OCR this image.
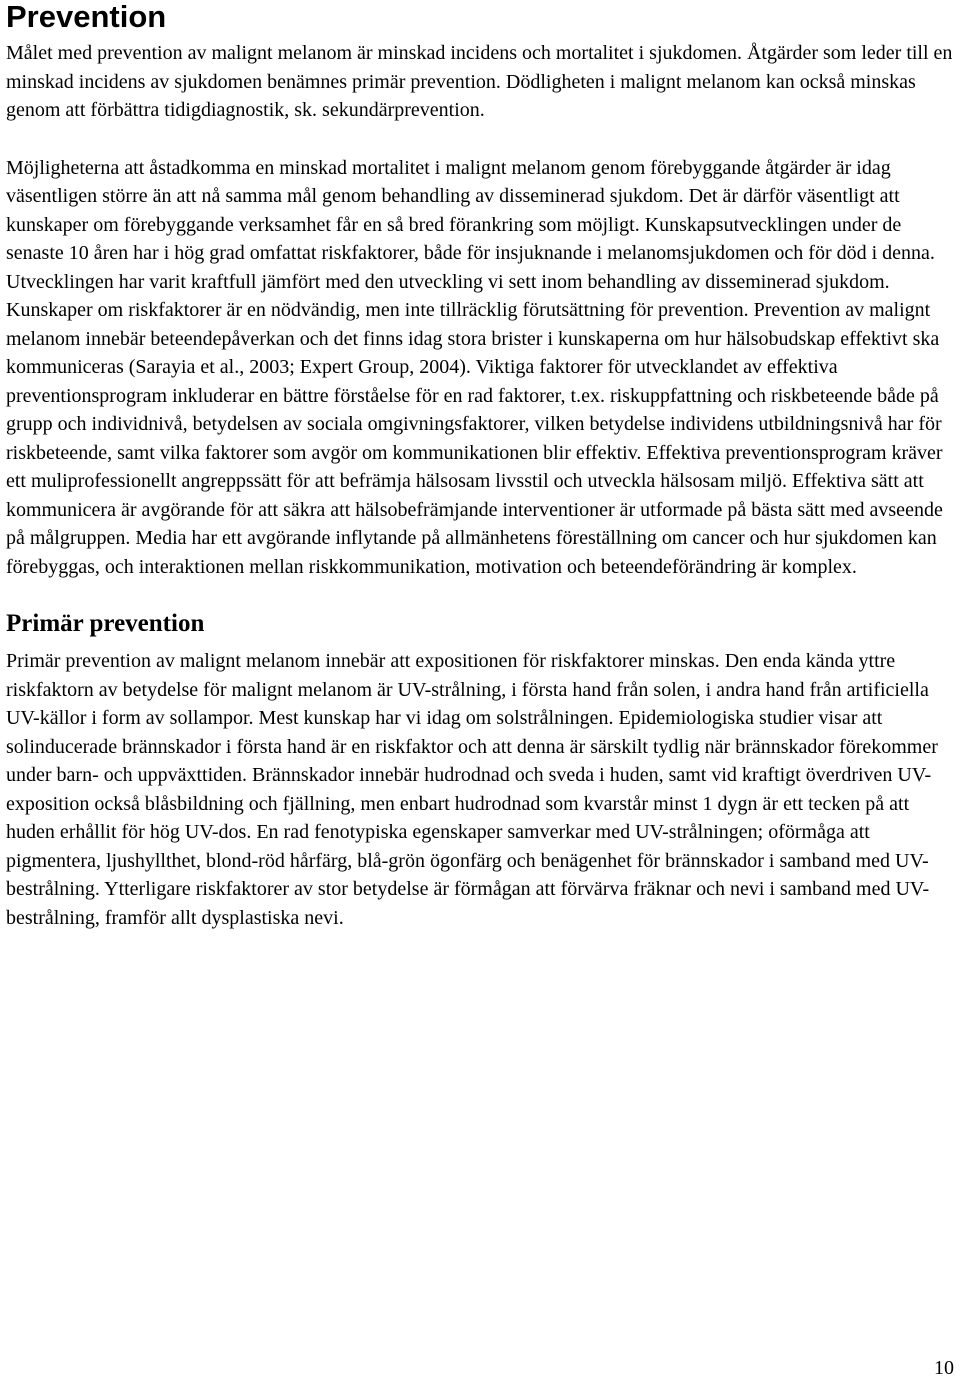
Prevention

Målet med prevention av malignt melanom är minskad incidens och mortalitet i sjukdomen. Åtgärder som leder till en minskad incidens av sjukdomen benämnes primär prevention. Dödligheten i malignt melanom kan också minskas genom att förbättra tidigdiagnostik, sk. sekundärprevention.

Möjligheterna att åstadkomma en minskad mortalitet i malignt melanom genom förebyggande åtgärder är idag väsentligen större än att nå samma mål genom behandling av disseminerad sjukdom. Det är därför väsentligt att kunskaper om förebyggande verksamhet får en så bred förankring som möjligt. Kunskapsutvecklingen under de senaste 10 åren har i hög grad omfattat riskfaktorer, både för insjuknande i melanomsjukdomen och för död i denna. Utvecklingen har varit kraftfull jämfört med den utveckling vi sett inom behandling av disseminerad sjukdom. Kunskaper om riskfaktorer är en nödvändig, men inte tillräcklig förutsättning för prevention. Prevention av malignt melanom innebär beteendepåverkan och det finns idag stora brister i kunskaperna om hur hälsobudskap effektivt ska kommuniceras (Sarayia et al., 2003; Expert Group, 2004). Viktiga faktorer för utvecklandet av effektiva preventionsprogram inkluderar en bättre förståelse för en rad faktorer, t.ex. riskuppfattning och riskbeteende både på grupp och individnivå, betydelsen av sociala omgivningsfaktorer, vilken betydelse individens utbildningsnivå har för riskbeteende, samt vilka faktorer som avgör om kommunikationen blir effektiv. Effektiva preventionsprogram kräver ett muliprofessionellt angreppssätt för att befrämja hälsosam livsstil och utveckla hälsosam miljö. Effektiva sätt att kommunicera är avgörande för att säkra att hälsobefrämjande interventioner är utformade på bästa sätt med avseende på målgruppen. Media har ett avgörande inflytande på allmänhetens föreställning om cancer och hur sjukdomen kan förebyggas, och interaktionen mellan riskkommunikation, motivation och beteendeförändring är komplex.

Primär prevention

Primär prevention av malignt melanom innebär att expositionen för riskfaktorer minskas. Den enda kända yttre riskfaktorn av betydelse för malignt melanom är UV-strålning, i första hand från solen, i andra hand från artificiella UV-källor i form av sollampor. Mest kunskap har vi idag om solstrålningen. Epidemiologiska studier visar att solinducerade brännskador i första hand är en riskfaktor och att denna är särskilt tydlig när brännskador förekommer under barn- och uppväxttiden. Brännskador innebär hudrodnad och sveda i huden, samt vid kraftigt överdriven UV-exposition också blåsbildning och fjällning, men enbart hudrodnad som kvarstår minst 1 dygn är ett tecken på att huden erhållit för hög UV-dos. En rad fenotypiska egenskaper samverkar med UV-strålningen; oförmåga att pigmentera, ljushyllthet, blond-röd hårfärg, blå-grön ögonfärg och benägenhet för brännskador i samband med UV-bestrålning. Ytterligare riskfaktorer av stor betydelse är förmågan att förvärva fräknar och nevi i samband med UV-bestrålning, framför allt dysplastiska nevi.

10
